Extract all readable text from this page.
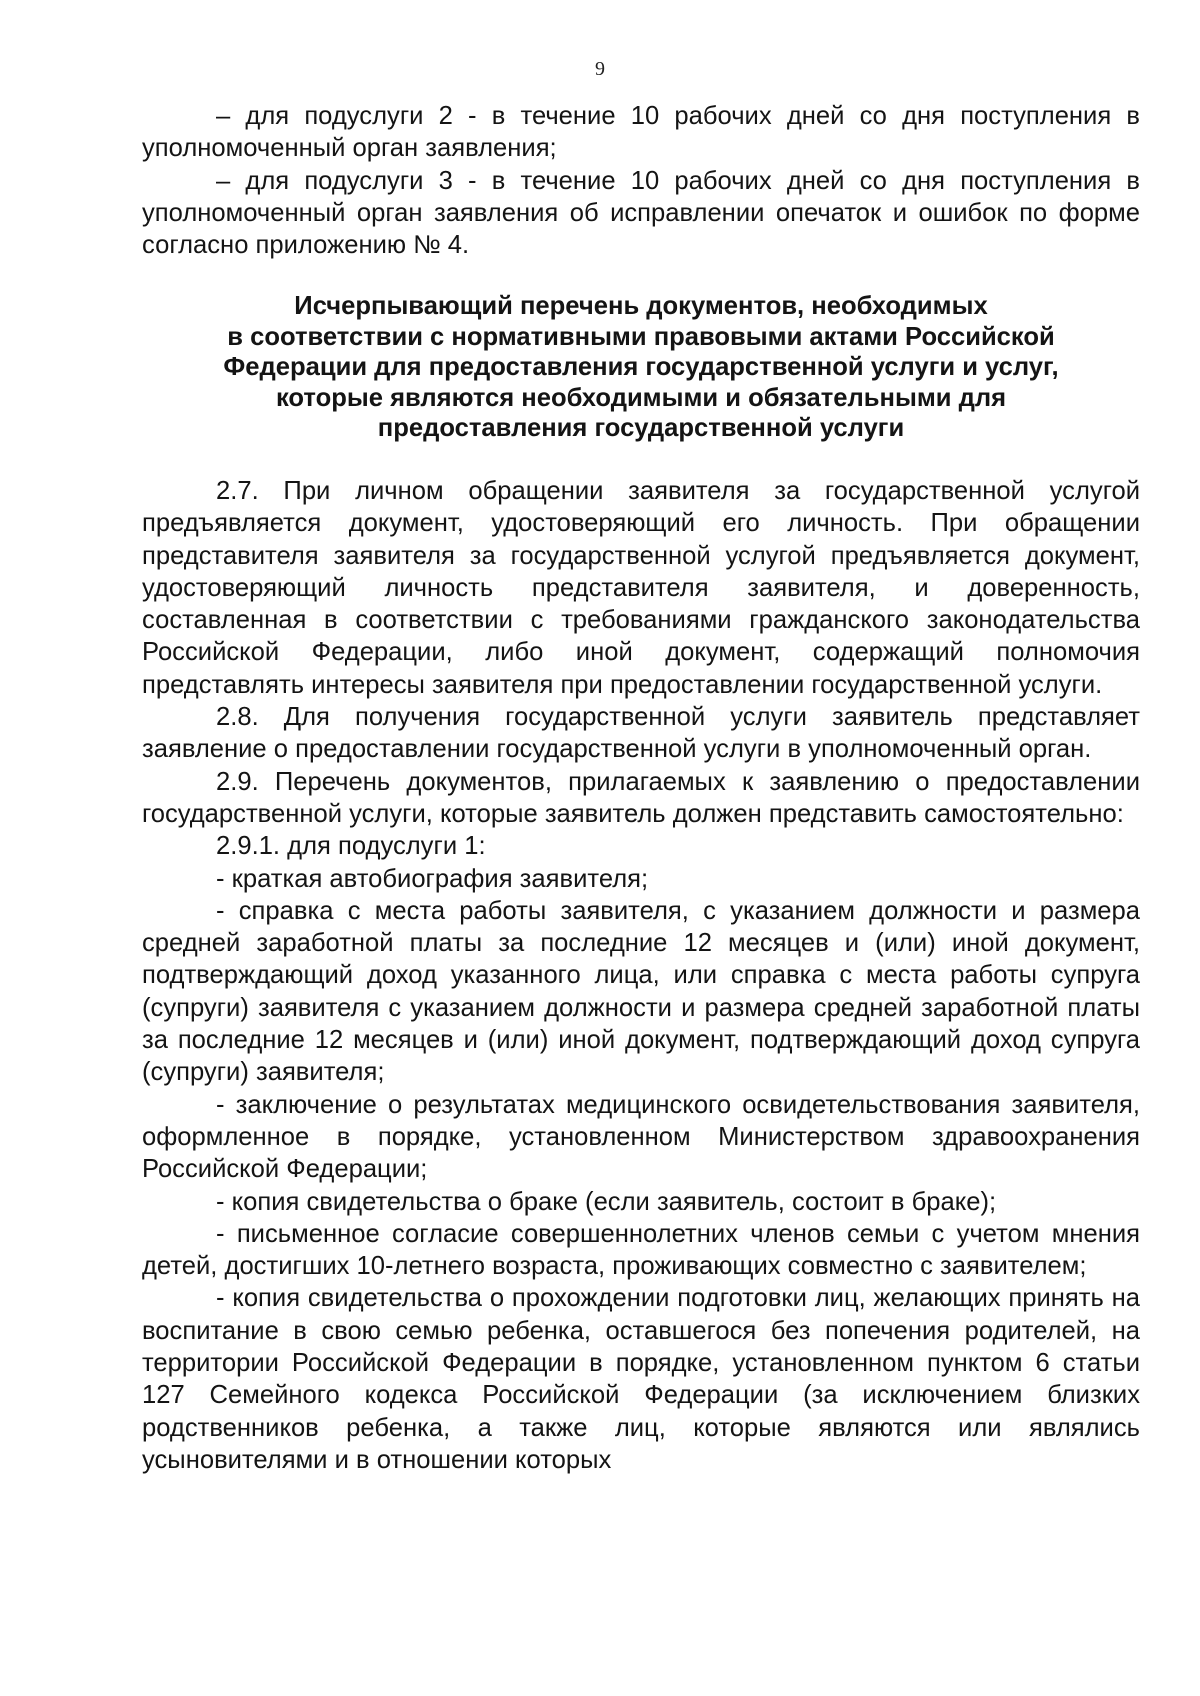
9

– для подуслуги 2 - в течение 10 рабочих дней со дня поступления в уполномоченный орган заявления;

– для подуслуги 3 - в течение 10 рабочих дней со дня поступления в уполномоченный орган заявления об исправлении опечаток и ошибок по форме согласно приложению № 4.

Исчерпывающий перечень документов, необходимых
в соответствии с нормативными правовыми актами Российской
Федерации для предоставления государственной услуги и услуг,
которые являются необходимыми и обязательными для
предоставления государственной услуги

2.7. При личном обращении заявителя за государственной услугой предъявляется документ, удостоверяющий его личность. При обращении представителя заявителя за государственной услугой предъявляется документ, удостоверяющий личность представителя заявителя, и доверенность, составленная в соответствии с требованиями гражданского законодательства Российской Федерации, либо иной документ, содержащий полномочия представлять интересы заявителя при предоставлении государственной услуги.

2.8. Для получения государственной услуги заявитель представляет заявление о предоставлении государственной услуги в уполномоченный орган.

2.9. Перечень документов, прилагаемых к заявлению о предоставлении государственной услуги, которые заявитель должен представить самостоятельно:

2.9.1. для подуслуги 1:

- краткая автобиография заявителя;

- справка с места работы заявителя, с указанием должности и размера средней заработной платы за последние 12 месяцев и (или) иной документ, подтверждающий доход указанного лица, или справка с места работы супруга (супруги) заявителя с указанием должности и размера средней заработной платы за последние 12 месяцев и (или) иной документ, подтверждающий доход супруга (супруги) заявителя;

- заключение о результатах медицинского освидетельствования заявителя, оформленное в порядке, установленном Министерством здравоохранения Российской Федерации;

- копия свидетельства о браке (если заявитель, состоит в браке);

- письменное согласие совершеннолетних членов семьи с учетом мнения детей, достигших 10-летнего возраста, проживающих совместно с заявителем;

- копия свидетельства о прохождении подготовки лиц, желающих принять на воспитание в свою семью ребенка, оставшегося без попечения родителей, на территории Российской Федерации в порядке, установленном пунктом 6 статьи 127 Семейного кодекса Российской Федерации (за исключением близких родственников ребенка, а также лиц, которые являются или являлись усыновителями и в отношении которых
